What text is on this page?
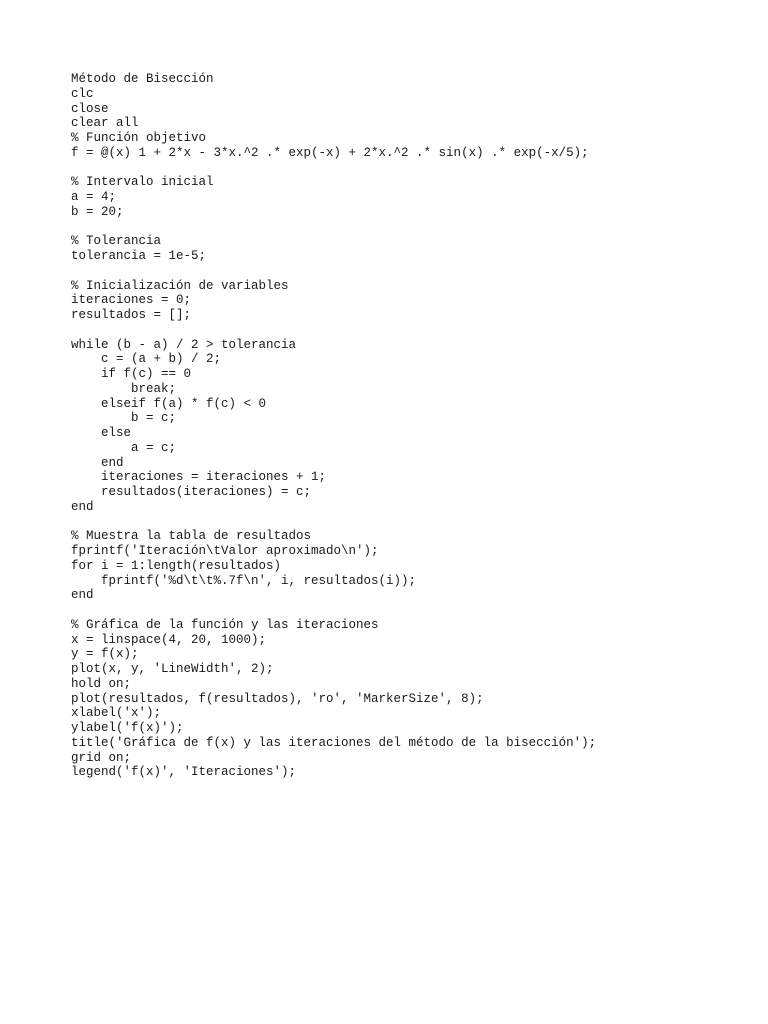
Método de Bisección
clc
close
clear all
% Función objetivo
f = @(x) 1 + 2*x - 3*x.^2 .* exp(-x) + 2*x.^2 .* sin(x) .* exp(-x/5);
% Intervalo inicial
a = 4;
b = 20;
% Tolerancia
tolerancia = 1e-5;
% Inicialización de variables
iteraciones = 0;
resultados = [];
while (b - a) / 2 > tolerancia
c = (a + b) / 2;
if f(c) == 0
break;
elseif f(a) * f(c) < 0
b = c;
else
a = c;
end
iteraciones = iteraciones + 1;
resultados(iteraciones) = c;
end
% Muestra la tabla de resultados
fprintf('Iteración\tValor aproximado\n');
for i = 1:length(resultados)
fprintf('%d\t\t%.7f\n', i, resultados(i));
end
% Gráfica de la función y las iteraciones
x = linspace(4, 20, 1000);
y = f(x);
plot(x, y, 'LineWidth', 2);
hold on;
plot(resultados, f(resultados), 'ro', 'MarkerSize', 8);
xlabel('x');
ylabel('f(x)');
title('Gráfica de f(x) y las iteraciones del método de la bisección');
grid on;
legend('f(x)', 'Iteraciones');
